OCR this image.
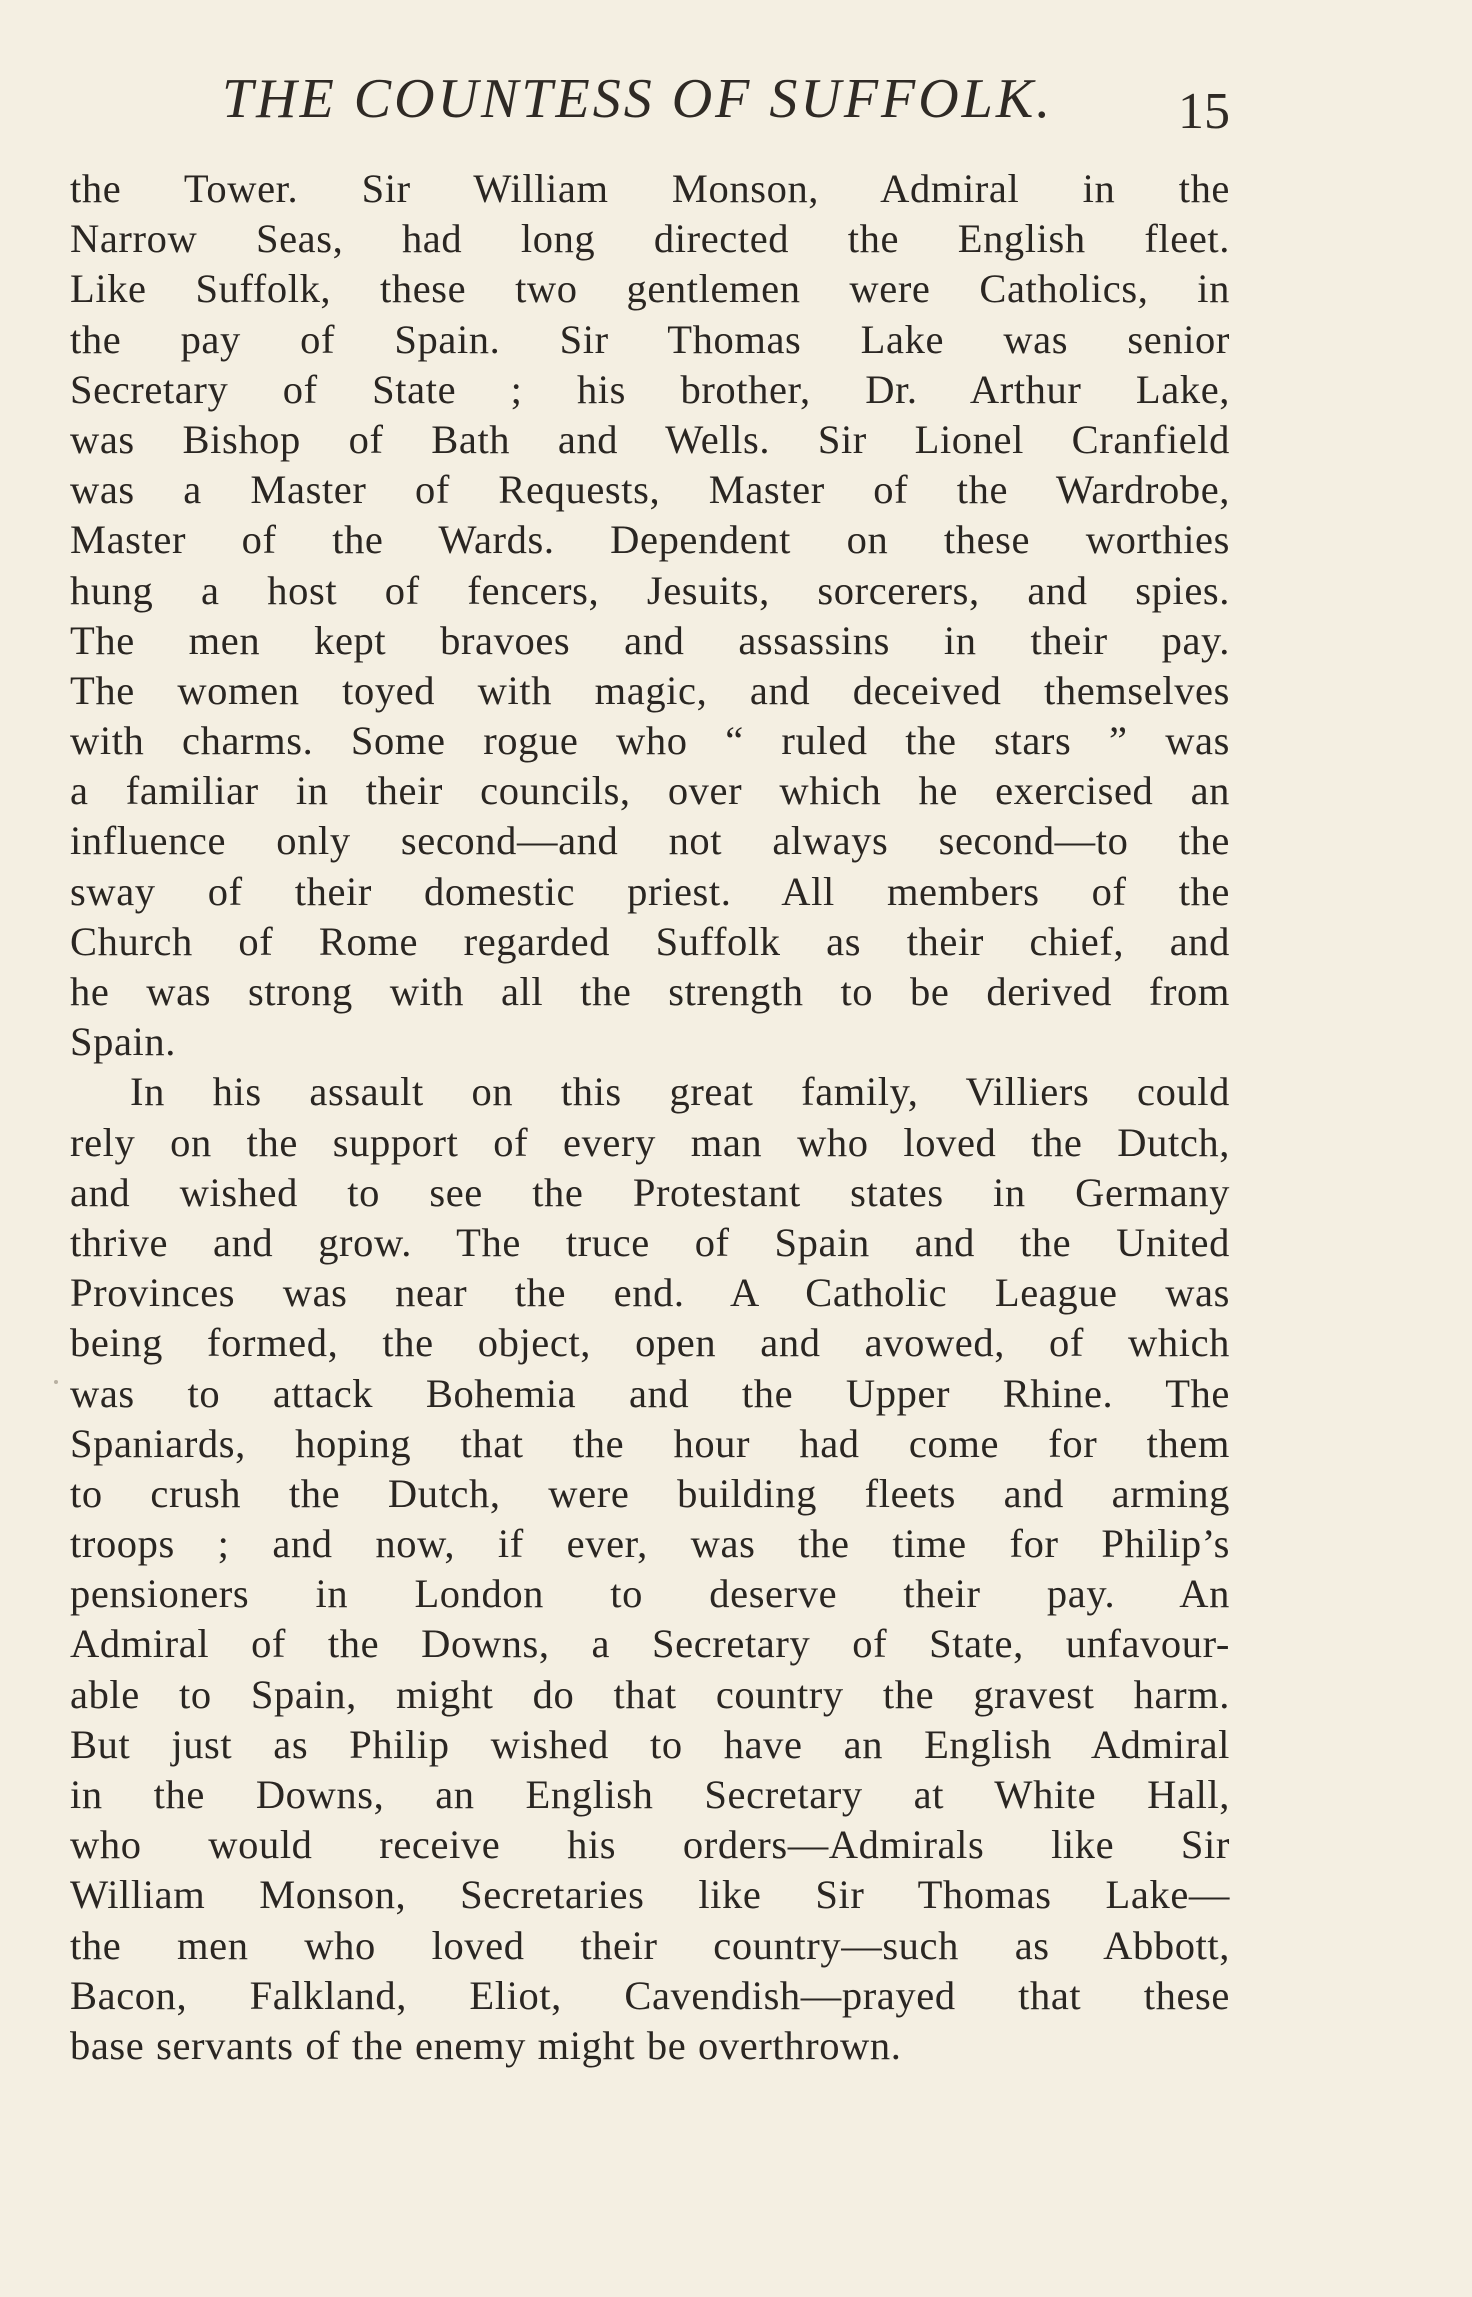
THE COUNTESS OF SUFFOLK. 15
the Tower. Sir William Monson, Admiral in the
Narrow Seas, had long directed the English fleet.
Like Suffolk, these two gentlemen were Catholics, in
the pay of Spain. Sir Thomas Lake was senior
Secretary of State ; his brother, Dr. Arthur Lake,
was Bishop of Bath and Wells. Sir Lionel Cranfield
was a Master of Requests, Master of the Wardrobe,
Master of the Wards. Dependent on these worthies
hung a host of fencers, Jesuits, sorcerers, and spies.
The men kept bravoes and assassins in their pay.
The women toyed with magic, and deceived themselves
with charms. Some rogue who “ ruled the stars ” was
a familiar in their councils, over which he exercised an
influence only second—and not always second—to the
sway of their domestic priest. All members of the
Church of Rome regarded Suffolk as their chief, and
he was strong with all the strength to be derived from
Spain.
In his assault on this great family, Villiers could
rely on the support of every man who loved the Dutch,
and wished to see the Protestant states in Germany
thrive and grow. The truce of Spain and the United
Provinces was near the end. A Catholic League was
being formed, the object, open and avowed, of which
was to attack Bohemia and the Upper Rhine. The
Spaniards, hoping that the hour had come for them
to crush the Dutch, were building fleets and arming
troops ; and now, if ever, was the time for Philip’s
pensioners in London to deserve their pay. An
Admiral of the Downs, a Secretary of State, unfavour-
able to Spain, might do that country the gravest harm.
But just as Philip wished to have an English Admiral
in the Downs, an English Secretary at White Hall,
who would receive his orders—Admirals like Sir
William Monson, Secretaries like Sir Thomas Lake—
the men who loved their country—such as Abbott,
Bacon, Falkland, Eliot, Cavendish—prayed that these
base servants of the enemy might be overthrown.
